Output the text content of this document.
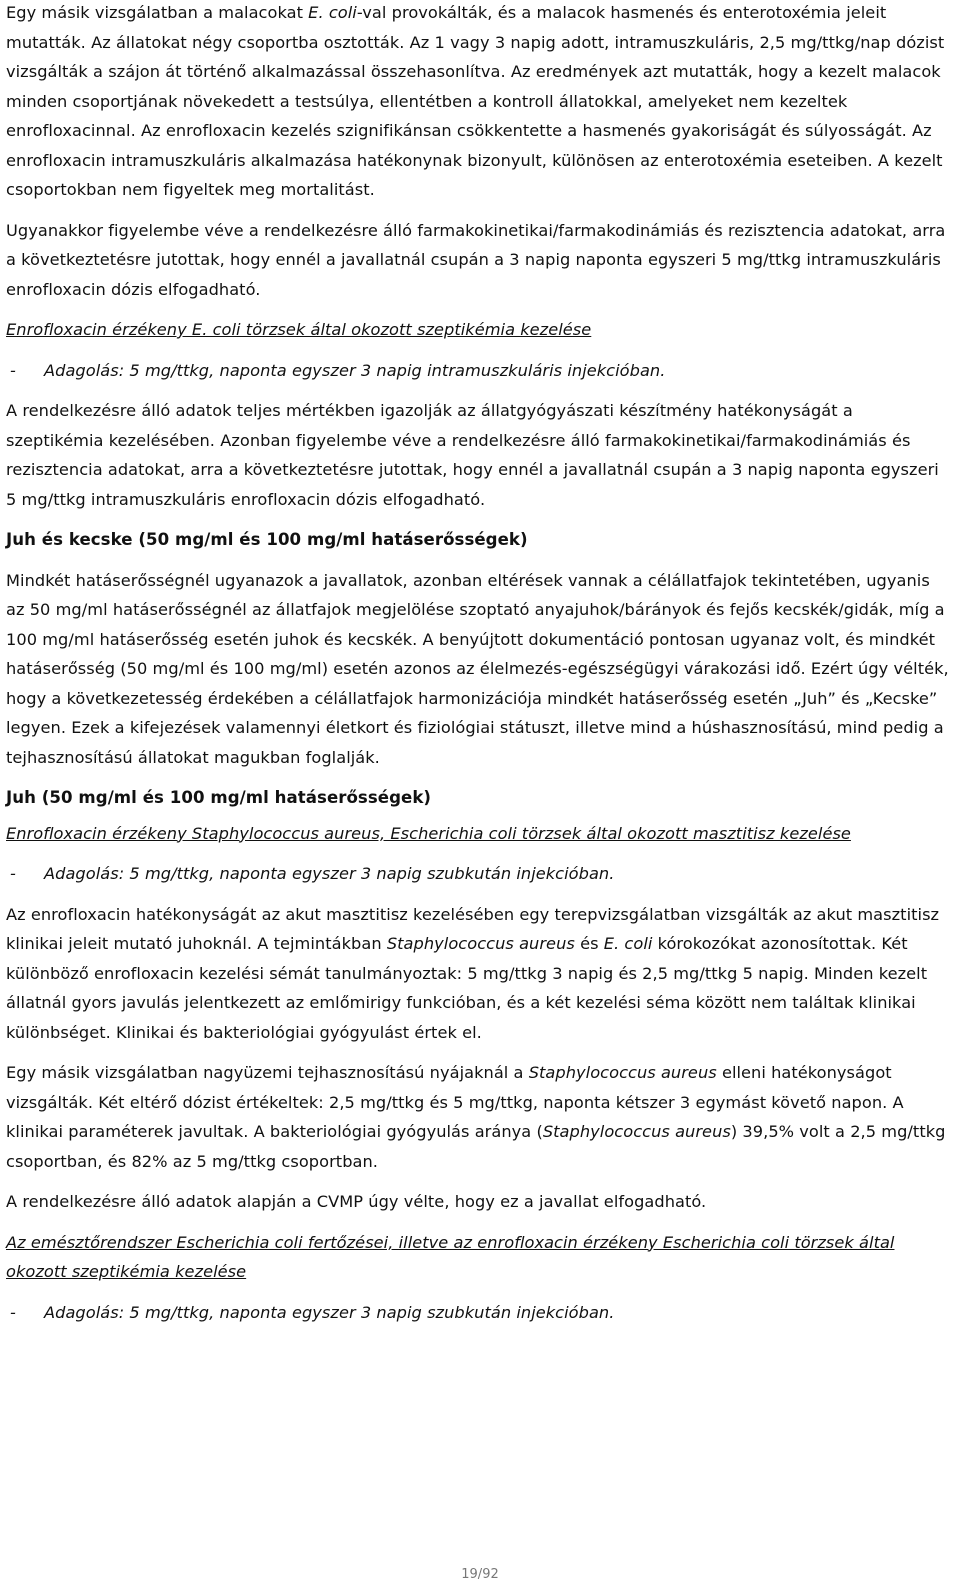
Egy másik vizsgálatban a malacokat E. coli-val provokálták, és a malacok hasmenés és enterotoxémia jeleit mutatták. Az állatokat négy csoportba osztották. Az 1 vagy 3 napig adott, intramuszkuláris, 2,5 mg/ttkg/nap dózist vizsgálták a szájon át történő alkalmazással összehasonlítva. Az eredmények azt mutatták, hogy a kezelt malacok minden csoportjának növekedett a testsúlya, ellentétben a kontroll állatokkal, amelyeket nem kezeltek enrofloxacinnal. Az enrofloxacin kezelés szignifikánsan csökkentette a hasmenés gyakoriságát és súlyosságát. Az enrofloxacin intramuszkuláris alkalmazása hatékonynak bizonyult, különösen az enterotoxémia eseteiben. A kezelt csoportokban nem figyeltek meg mortalitást.

Ugyanakkor figyelembe véve a rendelkezésre álló farmakokinetikai/farmakodinámiás és rezisztencia adatokat, arra a következtetésre jutottak, hogy ennél a javallatnál csupán a 3 napig naponta egyszeri 5 mg/ttkg intramuszkuláris enrofloxacin dózis elfogadható.

Enrofloxacin érzékeny E. coli törzsek által okozott szeptikémia kezelése

-	Adagolás: 5 mg/ttkg, naponta egyszer 3 napig intramuszkuláris injekcióban.

A rendelkezésre álló adatok teljes mértékben igazolják az állatgyógyászati készítmény hatékonyságát a szeptikémia kezelésében. Azonban figyelembe véve a rendelkezésre álló farmakokinetikai/farmakodinámiás és rezisztencia adatokat, arra a következtetésre jutottak, hogy ennél a javallatnál csupán a 3 napig naponta egyszeri 5 mg/ttkg intramuszkuláris enrofloxacin dózis elfogadható.

Juh és kecske (50 mg/ml és 100 mg/ml hatáserősségek)

Mindkét hatáserősségnél ugyanazok a javallatok, azonban eltérések vannak a célállatfajok tekintetében, ugyanis az 50 mg/ml hatáserősségnél az állatfajok megjelölése szoptató anyajuhok/bárányok és fejős kecskék/gidák, míg a 100 mg/ml hatáserősség esetén juhok és kecskék. A benyújtott dokumentáció pontosan ugyanaz volt, és mindkét hatáserősség (50 mg/ml és 100 mg/ml) esetén azonos az élelmezés-egészségügyi várakozási idő. Ezért úgy vélték, hogy a következetesség érdekében a célállatfajok harmonizációja mindkét hatáserősség esetén „Juh” és „Kecske” legyen. Ezek a kifejezések valamennyi életkort és fiziológiai státuszt, illetve mind a húshasznosítású, mind pedig a tejhasznosítású állatokat magukban foglalják.

Juh (50 mg/ml és 100 mg/ml hatáserősségek)

Enrofloxacin érzékeny Staphylococcus aureus, Escherichia coli törzsek által okozott masztitisz kezelése

-	Adagolás: 5 mg/ttkg, naponta egyszer 3 napig szubkután injekcióban.

Az enrofloxacin hatékonyságát az akut masztitisz kezelésében egy terepvizsgálatban vizsgálták az akut masztitisz klinikai jeleit mutató juhoknál. A tejmintákban Staphylococcus aureus és E. coli kórokozókat azonosítottak. Két különböző enrofloxacin kezelési sémát tanulmányoztak: 5 mg/ttkg 3 napig és 2,5 mg/ttkg 5 napig. Minden kezelt állatnál gyors javulás jelentkezett az emlőmirigy funkcióban, és a két kezelési séma között nem találtak klinikai különbséget. Klinikai és bakteriológiai gyógyulást értek el.

Egy másik vizsgálatban nagyüzemi tejhasznosítású nyájaknál a Staphylococcus aureus elleni hatékonyságot vizsgálták. Két eltérő dózist értékeltek: 2,5 mg/ttkg és 5 mg/ttkg, naponta kétszer 3 egymást követő napon. A klinikai paraméterek javultak. A bakteriológiai gyógyulás aránya (Staphylococcus aureus) 39,5% volt a 2,5 mg/ttkg csoportban, és 82% az 5 mg/ttkg csoportban.

A rendelkezésre álló adatok alapján a CVMP úgy vélte, hogy ez a javallat elfogadható.

Az emésztőrendszer Escherichia coli fertőzései, illetve az enrofloxacin érzékeny Escherichia coli törzsek által okozott szeptikémia kezelése

-	Adagolás: 5 mg/ttkg, naponta egyszer 3 napig szubkután injekcióban.

19/92
